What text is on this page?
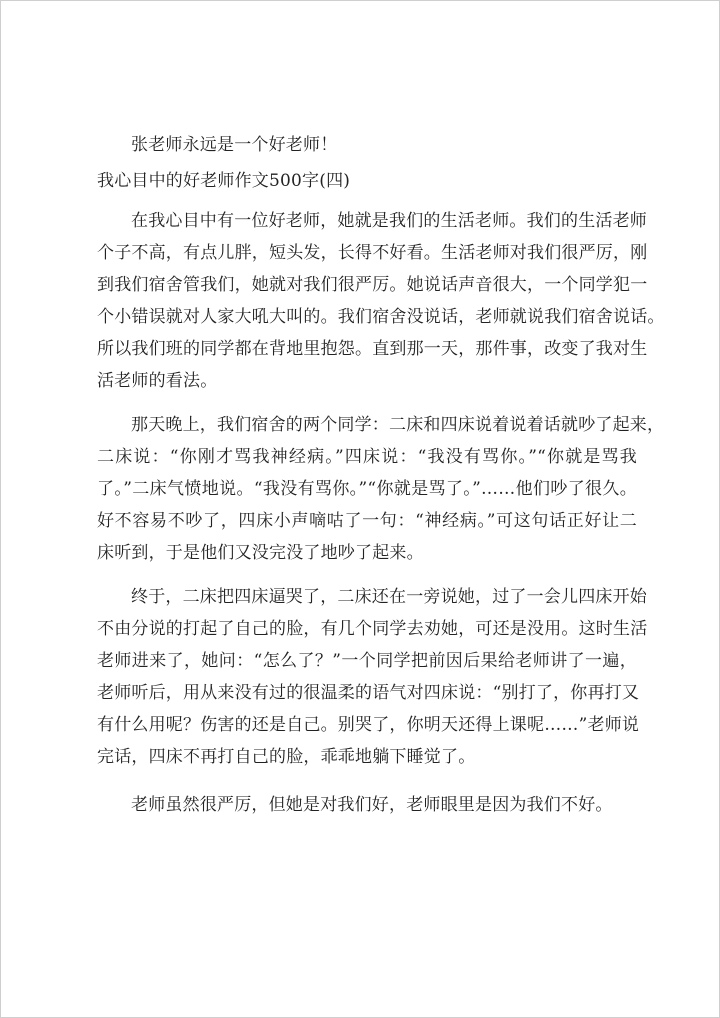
张老师永远是一个好老师！
我心目中的好老师作文500字(四)
在我心目中有一位好老师，她就是我们的生活老师。我们的生活老师
个子不高，有点儿胖，短头发，长得不好看。生活老师对我们很严厉，刚
到我们宿舍管我们，她就对我们很严厉。她说话声音很大，一个同学犯一
个小错误就对人家大吼大叫的。我们宿舍没说话，老师就说我们宿舍说话。
所以我们班的同学都在背地里抱怨。直到那一天，那件事，改变了我对生
活老师的看法。
那天晚上，我们宿舍的两个同学：二床和四床说着说着话就吵了起来，
二床说：“你刚才骂我神经病。”四床说：“我没有骂你。”“你就是骂我
了。”二床气愤地说。“我没有骂你。”“你就是骂了。”……他们吵了很久。
好不容易不吵了，四床小声嘀咕了一句：“神经病。”可这句话正好让二
床听到，于是他们又没完没了地吵了起来。
终于，二床把四床逼哭了，二床还在一旁说她，过了一会儿四床开始
不由分说的打起了自己的脸，有几个同学去劝她，可还是没用。这时生活
老师进来了，她问：“怎么了？”一个同学把前因后果给老师讲了一遍，
老师听后，用从来没有过的很温柔的语气对四床说：“别打了，你再打又
有什么用呢？伤害的还是自己。别哭了，你明天还得上课呢……”老师说
完话，四床不再打自己的脸，乖乖地躺下睡觉了。
老师虽然很严厉，但她是对我们好，老师眼里是因为我们不好。
